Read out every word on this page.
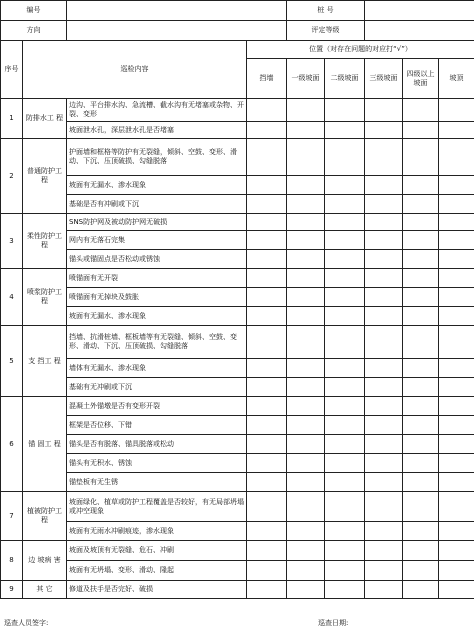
编号				桩 号				
方向				评定等级				
序号	巡检内容		位置（对存在问题的对应打“√”）					
			挡墙	一级坡面	二级坡面	三级坡面	四级以上坡面	坡顶
1	防排水工 程	边沟、平台排水沟、急流槽、截水沟有无堵塞或杂物、开裂、变形						
		坡面泄水孔，深层泄水孔是否堵塞						
2	普通防护工程	护面墙和框格等防护有无裂缝，倾斜、空鼓、变形、滑动、下沉、压顶破损、勾缝脱落						
		坡面有无漏水、渗水现象						
		基础是否有冲刷或下沉						
3	柔性防护工程	SNS防护网及被动防护网无破损						
		网内有无落石完集						
		锚头或锚固点是否松动或锈蚀						
4	喷浆防护工程	喷锚面有无开裂						
		喷锚面有无掉块及鼓胀						
		坡面有无漏水、渗水现象						
5	支 挡工 程	挡墙、抗滑桩墙、框板墙等有无裂缝、倾斜、空鼓、变形、滑动、下沉、压顶破损、勾缝脱落						
		墙体有无漏水、渗水现象						
		基础有无冲刷或下沉						
6	锚 固工 程	混凝土外锚墩是否有变形开裂						
		框架是否位移、下错						
		锚头是否有脱落、锚具脱落或松动						
		锚头有无积水、锈蚀						
		锚垫板有无生锈						
7	植被防护工程	坡面绿化、植草或防护工程覆盖是否较好，有无局部坍塌或冲空现象						
		坡面有无雨水冲刷痕迹，渗水现象						
8	边 坡病 害	坡面及坡顶有无裂缝、危石、冲刷						
		坡面有无坍塌、变形、滑动、隆起						
9	其 它	修道及扶手是否完好、破损						
巡查人员签字:	巡查日期:
